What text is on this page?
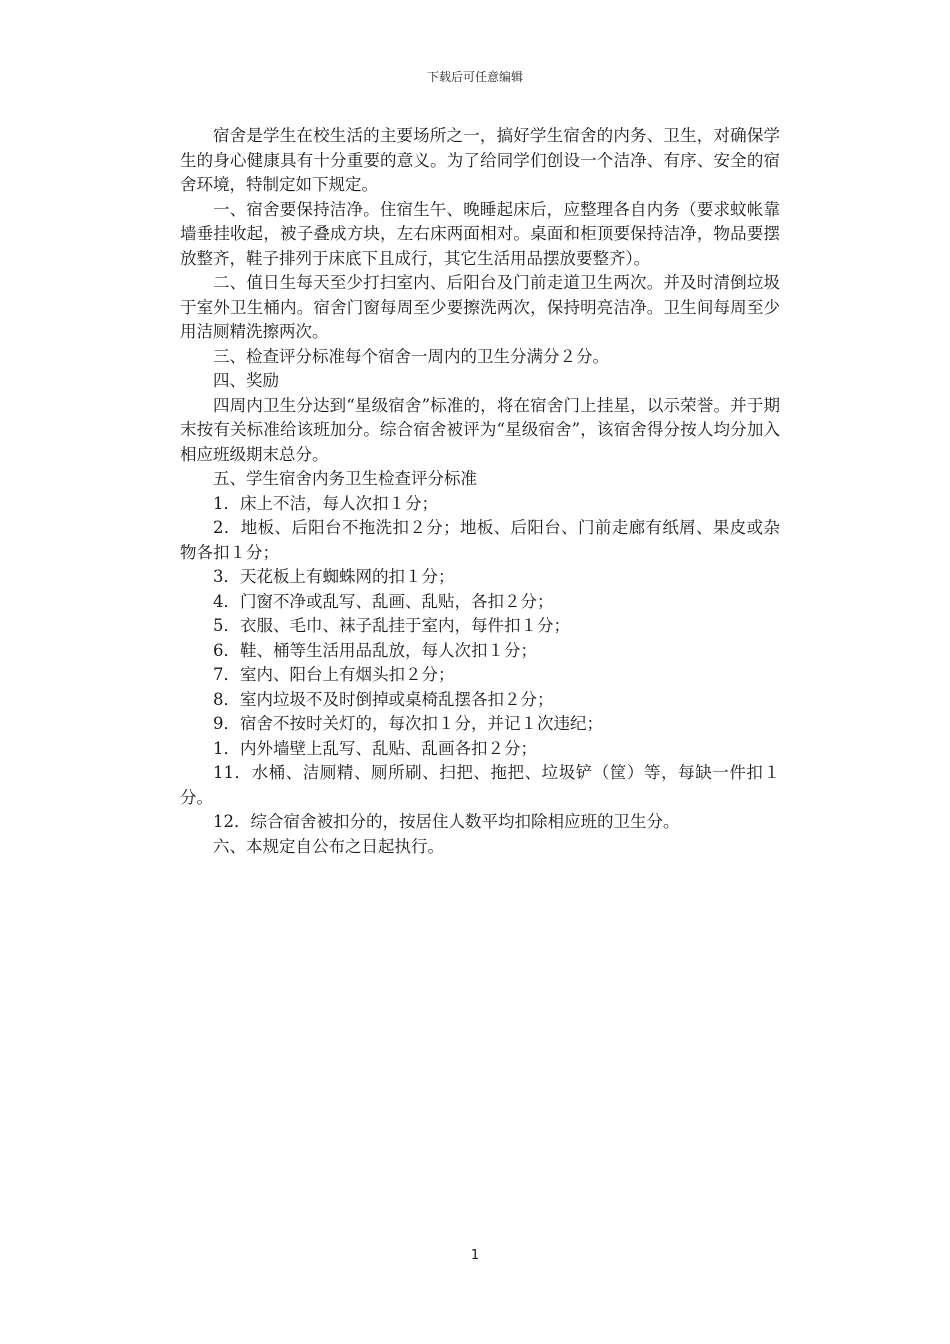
下载后可任意编辑

宿舍是学生在校生活的主要场所之一，搞好学生宿舍的内务、卫生，对确保学生的身心健康具有十分重要的意义。为了给同学们创设一个洁净、有序、安全的宿舍环境，特制定如下规定。

一、宿舍要保持洁净。住宿生午、晚睡起床后，应整理各自内务（要求蚊帐靠墙垂挂收起，被子叠成方块，左右床两面相对。桌面和柜顶要保持洁净，物品要摆放整齐，鞋子排列于床底下且成行，其它生活用品摆放要整齐）。

二、值日生每天至少打扫室内、后阳台及门前走道卫生两次。并及时清倒垃圾于室外卫生桶内。宿舍门窗每周至少要擦洗两次，保持明亮洁净。卫生间每周至少用洁厕精洗擦两次。

三、检查评分标准每个宿舍一周内的卫生分满分２分。

四、奖励

四周内卫生分达到“星级宿舍”标准的，将在宿舍门上挂星，以示荣誉。并于期末按有关标准给该班加分。综合宿舍被评为“星级宿舍”，该宿舍得分按人均分加入相应班级期末总分。

五、学生宿舍内务卫生检查评分标准

1．床上不洁，每人次扣１分；

2．地板、后阳台不拖洗扣２分；地板、后阳台、门前走廊有纸屑、果皮或杂物各扣１分；

3．天花板上有蜘蛛网的扣１分；

4．门窗不净或乱写、乱画、乱贴，各扣２分；

5．衣服、毛巾、袜子乱挂于室内，每件扣１分；

6．鞋、桶等生活用品乱放，每人次扣１分；

7．室内、阳台上有烟头扣２分；

8．室内垃圾不及时倒掉或桌椅乱摆各扣２分；

9．宿舍不按时关灯的，每次扣１分，并记１次违纪；

1．内外墙壁上乱写、乱贴、乱画各扣２分；

11．水桶、洁厕精、厕所刷、扫把、拖把、垃圾铲（筐）等，每缺一件扣１分。

12．综合宿舍被扣分的，按居住人数平均扣除相应班的卫生分。

六、本规定自公布之日起执行。

1
